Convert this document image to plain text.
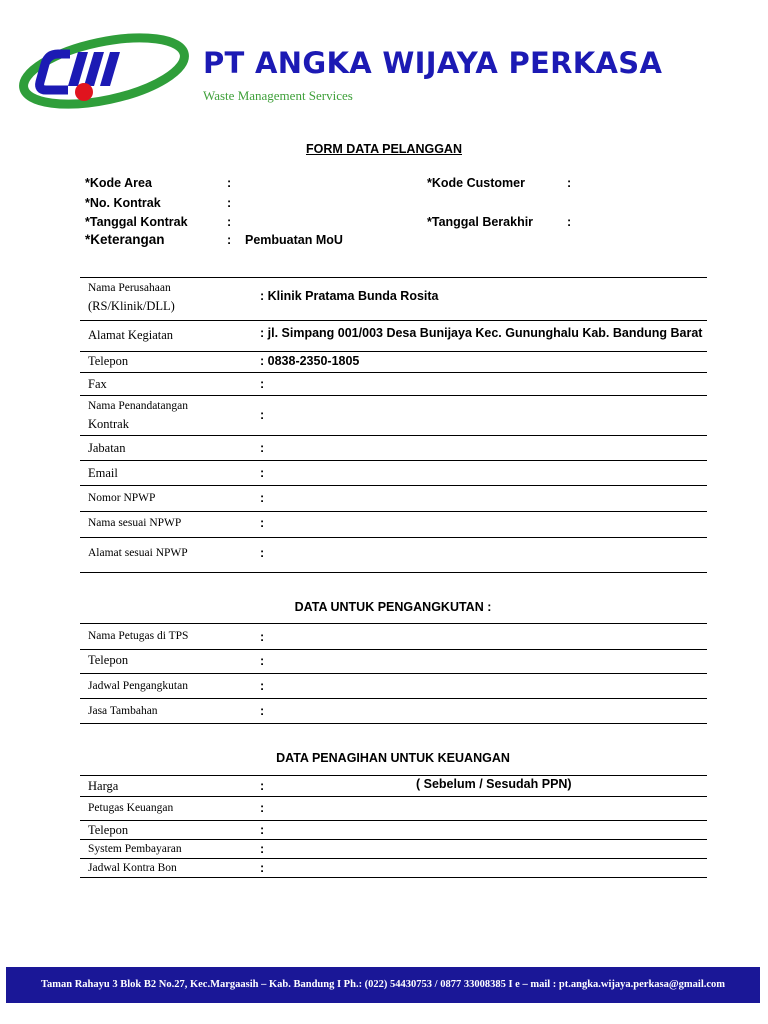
PT ANGKA WIJAYA PERKASA
Waste Management Services
FORM DATA PELANGGAN
*Kode Area	:	*Kode Customer	:
*No. Kontrak	:
*Tanggal Kontrak	:	*Tanggal Berakhir	:
*Keterangan	: Pembuatan MoU
Nama Perusahaan
(RS/Klinik/DLL)
: Klinik Pratama Bunda Rosita
Alamat Kegiatan	: jl. Simpang 001/003 Desa Bunijaya Kec. Gununghalu Kab. Bandung Barat
Telepon	: 0838-2350-1805
Fax	:
Nama Penandatangan
Kontrak
:
Jabatan	:
Email	:
Nomor NPWP	:
Nama sesuai NPWP	:
Alamat sesuai NPWP	:
DATA UNTUK PENGANGKUTAN :
Nama Petugas di TPS	:
Telepon	:
Jadwal Pengangkutan	:
Jasa Tambahan	:
DATA PENAGIHAN UNTUK KEUANGAN
Harga	:	( Sebelum / Sesudah PPN)
Petugas Keuangan	:
Telepon	:
System Pembayaran	:
Jadwal Kontra Bon	:
Taman Rahayu 3 Blok B2 No.27, Kec.Margaasih – Kab. Bandung I Ph.: (022) 54430753 / 0877 33008385 I e – mail : pt.angka.wijaya.perkasa@gmail.com
